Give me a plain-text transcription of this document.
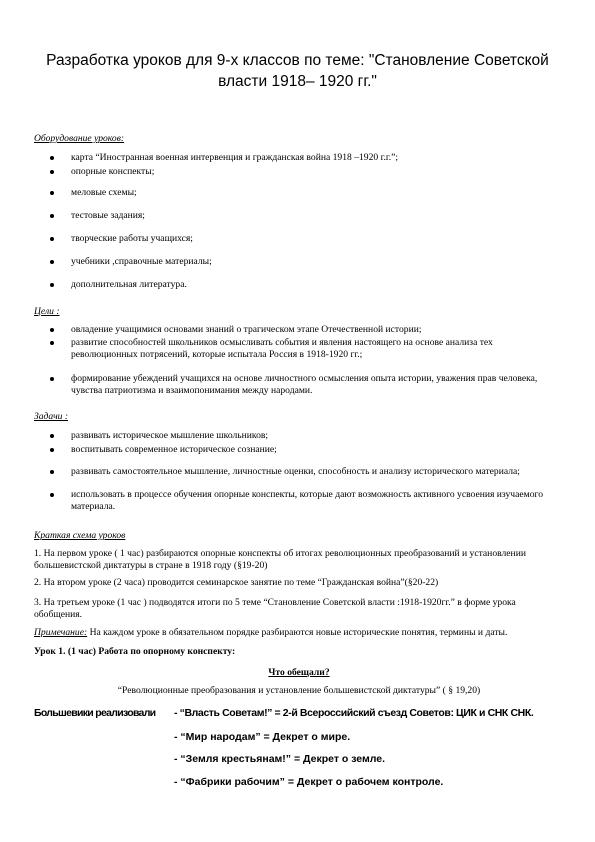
Разработка уроков для 9-х классов по теме: "Становление Советской власти 1918– 1920 гг."
Оборудование уроков:
карта “Иностранная военная интервенция и гражданская война 1918 –1920 г.г.”;
опорные конспекты;
меловые схемы;
тестовые задания;
творческие работы учащихся;
учебники ,справочные материалы;
дополнительная литература.
Цели :
овладение учащимися основами знаний о трагическом этапе Отечественной истории;
развитие способностей школьников осмысливать события и явления настоящего на основе анализа тех революционных потрясений, которые испытала Россия в 1918-1920 гг.;
формирование убеждений учащихся на основе личностного осмысления опыта истории, уважения прав человека, чувства патриотизма и взаимопонимания между народами.
Задачи :
развивать историческое мышление школьников;
воспитывать современное историческое сознание;
развивать самостоятельное мышление, личностные оценки, способность и анализу исторического материала;
использовать в процессе обучения опорные конспекты, которые дают возможность активного усвоения изучаемого материала.
Краткая схема уроков
1. На первом уроке ( 1 час) разбираются опорные конспекты об итогах революционных преобразований и установлении большевистской диктатуры в стране в 1918 году (§19-20)
2. На втором уроке (2 часа) проводится семинарское занятие по теме “Гражданская война”(§20-22)
3. На третьем уроке (1 час ) подводятся итоги по 5 теме “Становление Советской власти :1918-1920гг.” в форме урока обобщения.
Примечание: На каждом уроке в обязательном порядке разбираются новые исторические понятия, термины и даты.
Урок 1. (1 час) Работа по опорному конспекту:
Что обещали?
“Революционные преобразования и установление большевистской диктатуры” ( § 19,20)
Большевики реализовали - “Власть Советам!” = 2-й Всероссийский съезд Советов: ЦИК и СНК СНК.
- “Мир народам” = Декрет о мире.
- “Земля крестьянам!” = Декрет о земле.
- “Фабрики рабочим” = Декрет о рабочем контроле.
